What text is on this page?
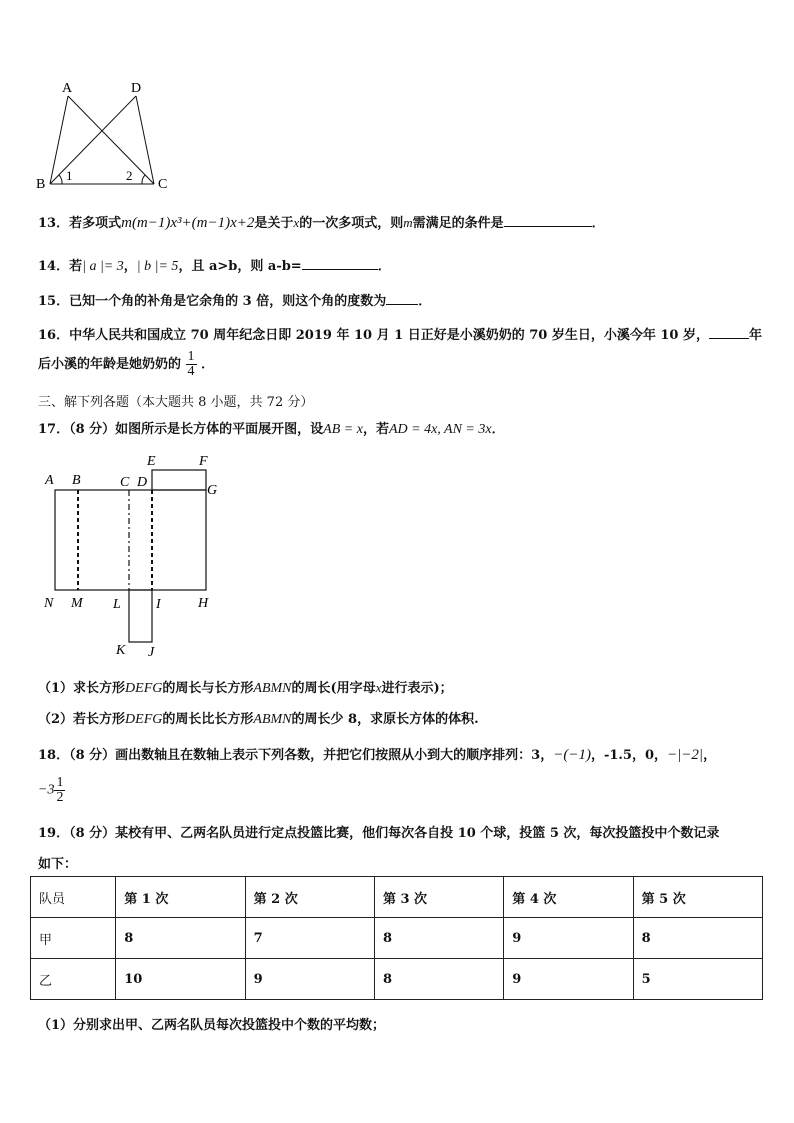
A	D
B	C
1	2
13．若多项式m(m−1)x³+(m−1)x+2是关于x的一次多项式，则m需满足的条件是	．
14．若| a |= 3，| b |= 5，且 a>b，则 a-b=	．
15．已知一个角的补角是它余角的 3 倍，则这个角的度数为 ．
16．中华人民共和国成立 70 周年纪念日即 2019 年 10 月 1 日正好是小溪奶奶的 70 岁生日，小溪今年 10 岁，	年
后小溪的年龄是她奶奶的 $\frac{1}{4}$ ．
三、解下列各题（本大题共 8 小题，共 72 分）
17．（8 分）如图所示是长方体的平面展开图，设AB = x，若AD = 4x, AN = 3x．
A B	C D
E	F
G
N M L	I	H
K J
（1）求长方形DEFG的周长与长方形ABMN的周长(用字母x进行表示)；
（2）若长方形DEFG的周长比长方形ABMN的周长少 8，求原长方体的体积.
18．（8 分）画出数轴且在数轴上表示下列各数，并把它们按照从小到大的顺序排列：3，−(−1)，-1.5，0，−|−2|，
$-3 \frac{1}{2}$
19．（8 分）某校有甲、乙两名队员进行定点投篮比赛，他们每次各自投 10 个球，投篮 5 次，每次投篮投中个数记录
如下：
队员	第 1 次	第 2 次	第 3 次	第 4 次	第 5 次
甲	8	7	8	9	8
乙	10	9	8	9	5
（1）分别求出甲、乙两名队员每次投篮投中个数的平均数；
